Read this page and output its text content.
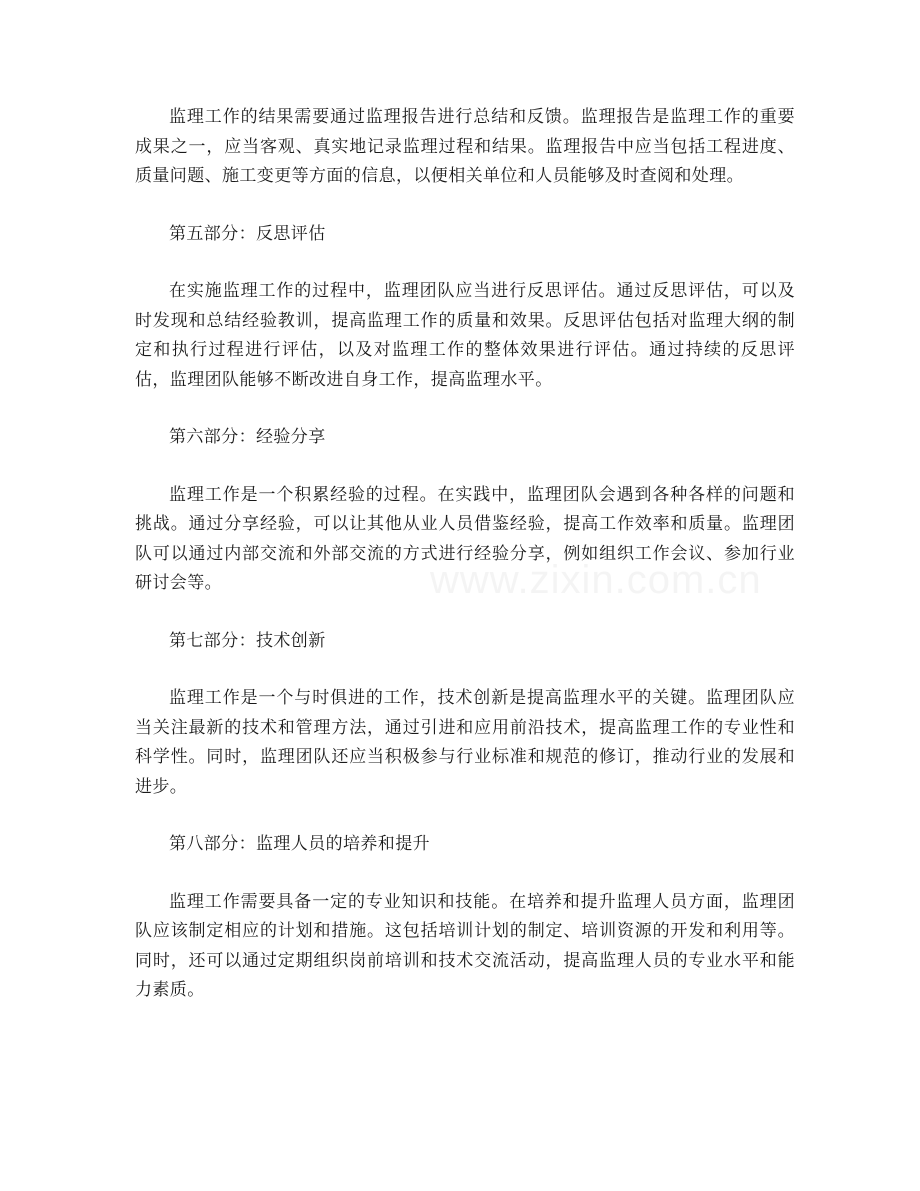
www.zixin.com.cn

监理工作的结果需要通过监理报告进行总结和反馈。监理报告是监理工作的重要成果之一，应当客观、真实地记录监理过程和结果。监理报告中应当包括工程进度、质量问题、施工变更等方面的信息，以便相关单位和人员能够及时查阅和处理。

第五部分：反思评估

在实施监理工作的过程中，监理团队应当进行反思评估。通过反思评估，可以及时发现和总结经验教训，提高监理工作的质量和效果。反思评估包括对监理大纲的制定和执行过程进行评估，以及对监理工作的整体效果进行评估。通过持续的反思评估，监理团队能够不断改进自身工作，提高监理水平。

第六部分：经验分享

监理工作是一个积累经验的过程。在实践中，监理团队会遇到各种各样的问题和挑战。通过分享经验，可以让其他从业人员借鉴经验，提高工作效率和质量。监理团队可以通过内部交流和外部交流的方式进行经验分享，例如组织工作会议、参加行业研讨会等。

第七部分：技术创新

监理工作是一个与时俱进的工作，技术创新是提高监理水平的关键。监理团队应当关注最新的技术和管理方法，通过引进和应用前沿技术，提高监理工作的专业性和科学性。同时，监理团队还应当积极参与行业标准和规范的修订，推动行业的发展和进步。

第八部分：监理人员的培养和提升

监理工作需要具备一定的专业知识和技能。在培养和提升监理人员方面，监理团队应该制定相应的计划和措施。这包括培训计划的制定、培训资源的开发和利用等。同时，还可以通过定期组织岗前培训和技术交流活动，提高监理人员的专业水平和能力素质。
